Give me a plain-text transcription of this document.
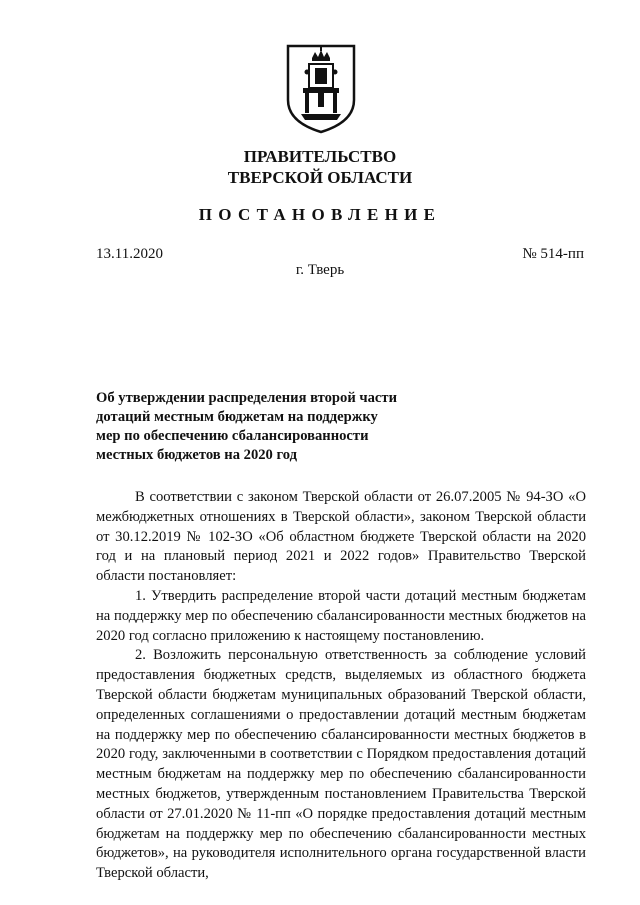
ПРАВИТЕЛЬСТВО
ТВЕРСКОЙ ОБЛАСТИ
ПОСТАНОВЛЕНИЕ
13.11.2020	№ 514-пп
г. Тверь
Об утверждении распределения второй части
дотаций местным бюджетам на поддержку
мер по обеспечению сбалансированности
местных бюджетов на 2020 год

В соответствии с законом Тверской области от 26.07.2005 № 94-ЗО «О межбюджетных отношениях в Тверской области», законом Тверской области от 30.12.2019 № 102-ЗО «Об областном бюджете Тверской области на 2020 год и на плановый период 2021 и 2022 годов» Правительство Тверской области постановляет:

1. Утвердить распределение второй части дотаций местным бюджетам на поддержку мер по обеспечению сбалансированности местных бюджетов на 2020 год согласно приложению к настоящему постановлению.

2. Возложить персональную ответственность за соблюдение условий предоставления бюджетных средств, выделяемых из областного бюджета Тверской области бюджетам муниципальных образований Тверской области, определенных соглашениями о предоставлении дотаций местным бюджетам на поддержку мер по обеспечению сбалансированности местных бюджетов в 2020 году, заключенными в соответствии с Порядком предоставления дотаций местным бюджетам на поддержку мер по обеспечению сбалансированности местных бюджетов, утвержденным постановлением Правительства Тверской области от 27.01.2020 № 11-пп «О порядке предоставления дотаций местным бюджетам на поддержку мер по обеспечению сбалансированности местных бюджетов», на руководителя исполнительного органа государственной власти Тверской области,
